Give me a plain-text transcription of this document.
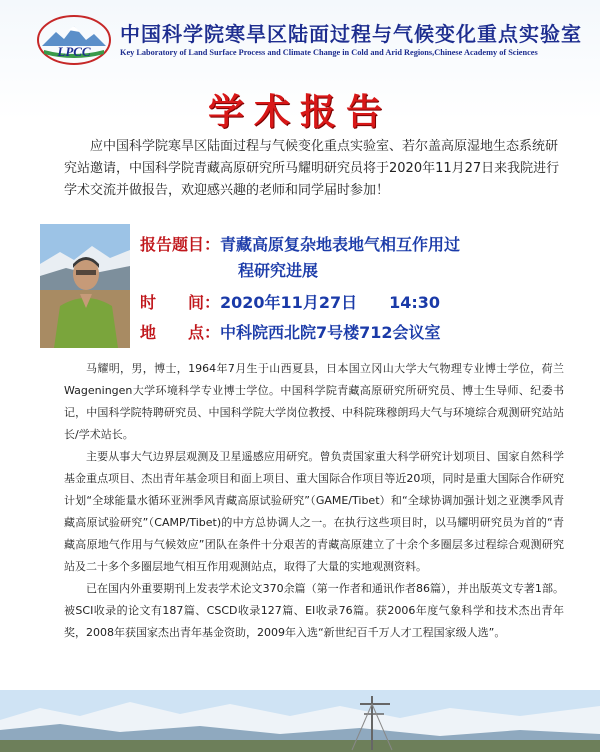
LPCC
中国科学院寒旱区陆面过程与气候变化重点实验室
Key Laboratory of Land Surface Process and Climate Change in Cold and Arid Regions,Chinese Academy of Sciences
学术报告
应中国科学院寒旱区陆面过程与气候变化重点实验室、若尔盖高原湿地生态系统研究站邀请，中国科学院青藏高原研究所马耀明研究员将于2020年11月27日来我院进行学术交流并做报告，欢迎感兴趣的老师和同学届时参加！
报告题目：青藏高原复杂地表地气相互作用过
程研究进展
时　　间：2020年11月27日　　14:30
地　　点：中科院西北院7号楼712会议室

马耀明，男，博士，1964年7月生于山西夏县，日本国立冈山大学大气物理专业博士学位，荷兰Wageningen大学环境科学专业博士学位。中国科学院青藏高原研究所研究员、博士生导师、纪委书记，中国科学院特聘研究员、中国科学院大学岗位教授、中科院珠穆朗玛大气与环境综合观测研究站站长/学术站长。

主要从事大气边界层观测及卫星遥感应用研究。曾负责国家重大科学研究计划项目、国家自然科学基金重点项目、杰出青年基金项目和面上项目、重大国际合作项目等近20项，同时是重大国际合作研究计划“全球能量水循环亚洲季风青藏高原试验研究”（GAME/Tibet）和“全球协调加强计划之亚澳季风青藏高原试验研究”（CAMP/Tibet)的中方总协调人之一。在执行这些项目时，以马耀明研究员为首的“青藏高原地气作用与气候效应”团队在条件十分艰苦的青藏高原建立了十余个多圈层多过程综合观测研究站及二十多个多圈层地气相互作用观测站点，取得了大量的实地观测资料。

已在国内外重要期刊上发表学术论文370余篇（第一作者和通讯作者86篇），并出版英文专著1部。被SCI收录的论文有187篇、CSCD收录127篇、EI收录76篇。获2006年度气象科学和技术杰出青年奖，2008年获国家杰出青年基金资助，2009年入选“新世纪百千万人才工程国家级人选”。
